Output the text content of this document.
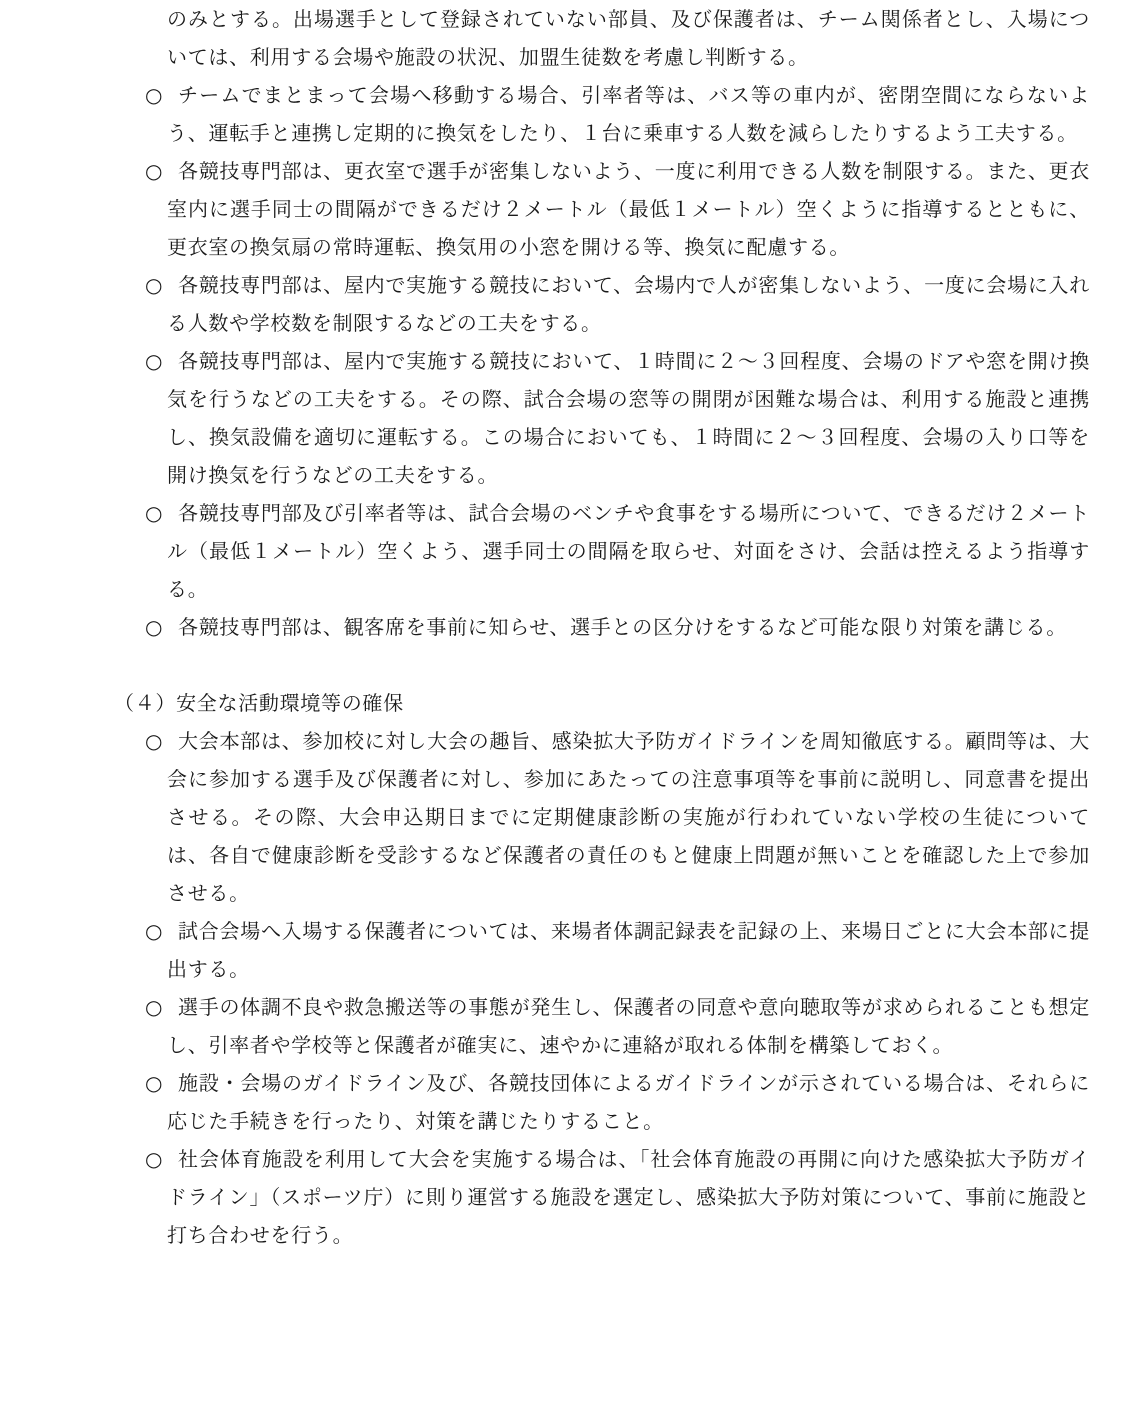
のみとする。出場選手として登録されていない部員、及び保護者は、チーム関係者とし、入場については、利用する会場や施設の状況、加盟生徒数を考慮し判断する。

○ チームでまとまって会場へ移動する場合、引率者等は、バス等の車内が、密閉空間にならないよう、運転手と連携し定期的に換気をしたり、１台に乗車する人数を減らしたりするよう工夫する。
○ 各競技専門部は、更衣室で選手が密集しないよう、一度に利用できる人数を制限する。また、更衣室内に選手同士の間隔ができるだけ２メートル（最低１メートル）空くように指導するとともに、更衣室の換気扇の常時運転、換気用の小窓を開ける等、換気に配慮する。
○ 各競技専門部は、屋内で実施する競技において、会場内で人が密集しないよう、一度に会場に入れる人数や学校数を制限するなどの工夫をする。
○ 各競技専門部は、屋内で実施する競技において、１時間に２～３回程度、会場のドアや窓を開け換気を行うなどの工夫をする。その際、試合会場の窓等の開閉が困難な場合は、利用する施設と連携し、換気設備を適切に運転する。この場合においても、１時間に２～３回程度、会場の入り口等を開け換気を行うなどの工夫をする。
○ 各競技専門部及び引率者等は、試合会場のベンチや食事をする場所について、できるだけ２メートル（最低１メートル）空くよう、選手同士の間隔を取らせ、対面をさけ、会話は控えるよう指導する。
○ 各競技専門部は、観客席を事前に知らせ、選手との区分けをするなど可能な限り対策を講じる。
（４）安全な活動環境等の確保
○ 大会本部は、参加校に対し大会の趣旨、感染拡大予防ガイドラインを周知徹底する。顧問等は、大会に参加する選手及び保護者に対し、参加にあたっての注意事項等を事前に説明し、同意書を提出させる。その際、大会申込期日までに定期健康診断の実施が行われていない学校の生徒については、各自で健康診断を受診するなど保護者の責任のもと健康上問題が無いことを確認した上で参加させる。
○ 試合会場へ入場する保護者については、来場者体調記録表を記録の上、来場日ごとに大会本部に提出する。
○ 選手の体調不良や救急搬送等の事態が発生し、保護者の同意や意向聴取等が求められることも想定し、引率者や学校等と保護者が確実に、速やかに連絡が取れる体制を構築しておく。
○ 施設・会場のガイドライン及び、各競技団体によるガイドラインが示されている場合は、それらに応じた手続きを行ったり、対策を講じたりすること。
○ 社会体育施設を利用して大会を実施する場合は、「社会体育施設の再開に向けた感染拡大予防ガイドライン」（スポーツ庁）に則り運営する施設を選定し、感染拡大予防対策について、事前に施設と打ち合わせを行う。
